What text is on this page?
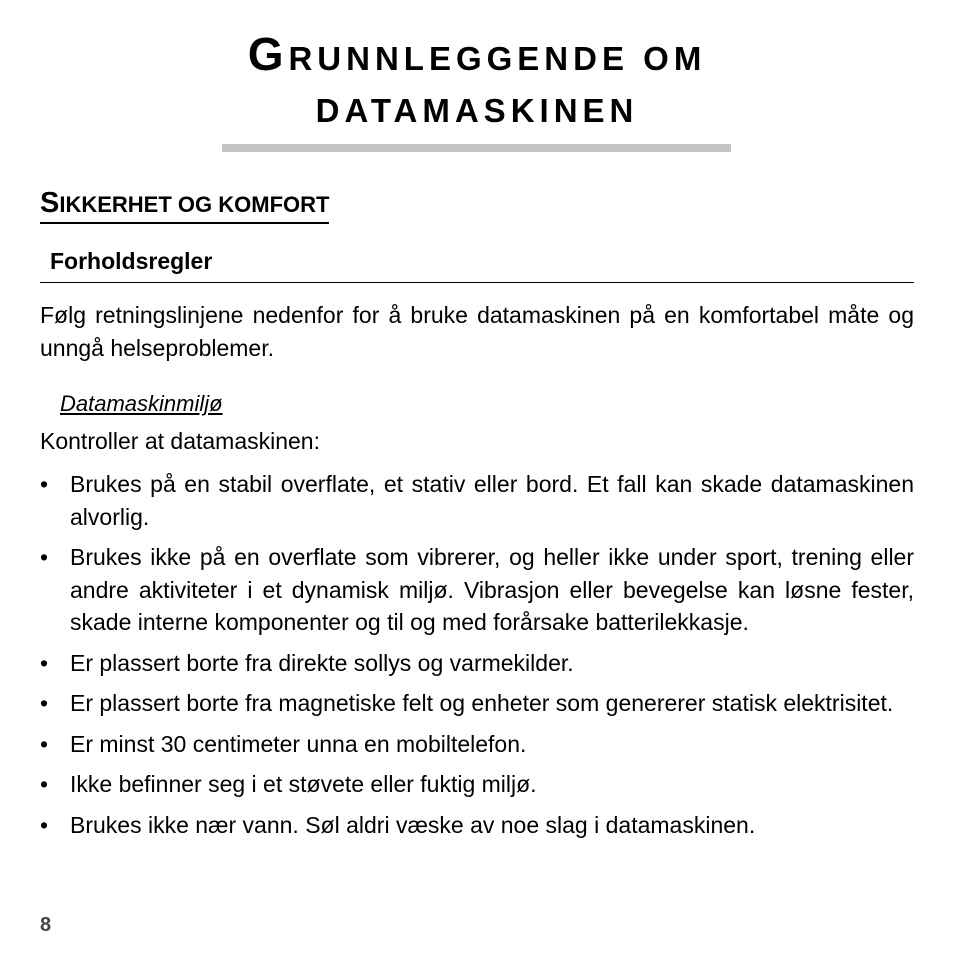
GRUNNLEGGENDE OM
DATAMASKINEN
SIKKERHET OG KOMFORT
Forholdsregler
Følg retningslinjene nedenfor for å bruke datamaskinen på en komfortabel måte og unngå helseproblemer.
Datamaskinmiljø
Kontroller at datamaskinen:
• Brukes på en stabil overflate, et stativ eller bord. Et fall kan skade datamaskinen alvorlig.
• Brukes ikke på en overflate som vibrerer, og heller ikke under sport, trening eller andre aktiviteter i et dynamisk miljø. Vibrasjon eller bevegelse kan løsne fester, skade interne komponenter og til og med forårsake batterilekkasje.
• Er plassert borte fra direkte sollys og varmekilder.
• Er plassert borte fra magnetiske felt og enheter som genererer statisk elektrisitet.
• Er minst 30 centimeter unna en mobiltelefon.
• Ikke befinner seg i et støvete eller fuktig miljø.
• Brukes ikke nær vann. Søl aldri væske av noe slag i datamaskinen.
8
